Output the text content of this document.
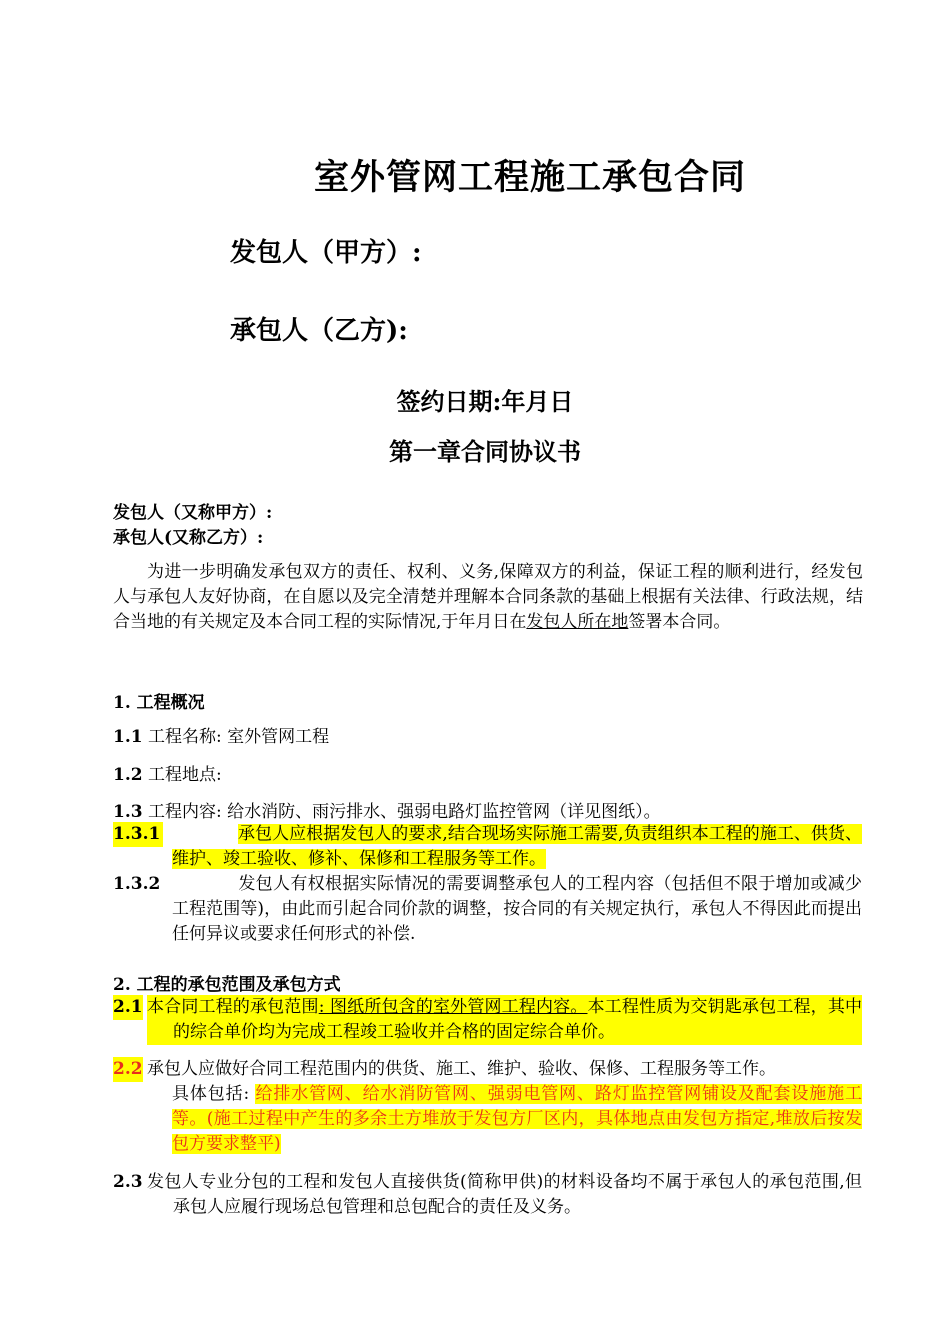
室外管网工程施工承包合同
发包人（甲方）:
承包人（乙方):
签约日期:年月日
第一章合同协议书
发包人（又称甲方）:
承包人(又称乙方）:
为进一步明确发承包双方的责任、权利、义务,保障双方的利益，保证工程的顺利进行，经发包人与承包人友好协商，在自愿以及完全清楚并理解本合同条款的基础上根据有关法律、行政法规，结合当地的有关规定及本合同工程的实际情况,于年月日在发包人所在地签署本合同。
1. 工程概况
1.1 工程名称: 室外管网工程
1.2 工程地点:
1.3 工程内容: 给水消防、雨污排水、强弱电路灯监控管网（详见图纸）。
1.3.1	承包人应根据发包人的要求,结合现场实际施工需要,负责组织本工程的施工、供货、维护、竣工验收、修补、保修和工程服务等工作。
1.3.2	发包人有权根据实际情况的需要调整承包人的工程内容（包括但不限于增加或减少工程范围等)，由此而引起合同价款的调整，按合同的有关规定执行，承包人不得因此而提出任何异议或要求任何形式的补偿.
2. 工程的承包范围及承包方式
2.1 本合同工程的承包范围: 图纸所包含的室外管网工程内容。本工程性质为交钥匙承包工程，其中的综合单价均为完成工程竣工验收并合格的固定综合单价。
2.2 承包人应做好合同工程范围内的供货、施工、维护、验收、保修、工程服务等工作。
具体包括: 给排水管网、给水消防管网、强弱电管网、路灯监控管网铺设及配套设施施工等。(施工过程中产生的多余土方堆放于发包方厂区内，具体地点由发包方指定,堆放后按发包方要求整平)
2.3 发包人专业分包的工程和发包人直接供货(简称甲供)的材料设备均不属于承包人的承包范围,但承包人应履行现场总包管理和总包配合的责任及义务。
